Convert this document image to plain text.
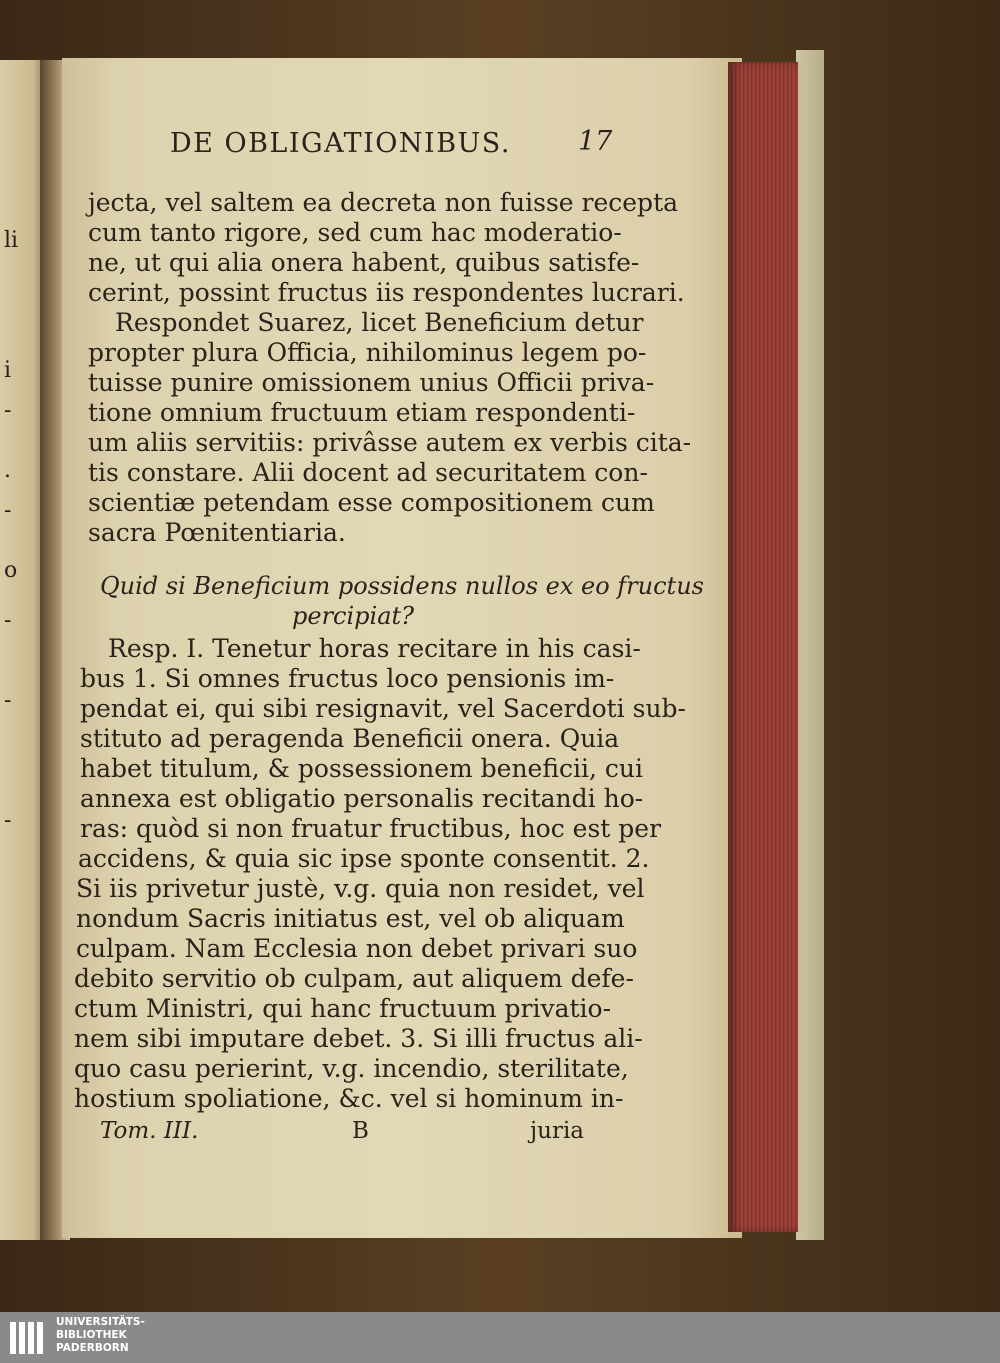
li
i
-
.
-
o
-
-
-
DE OBLIGATIONIBUS. 17
jecta, vel saltem ea decreta non fuisse recepta
cum tanto rigore, sed cum hac moderatio-
ne, ut qui alia onera habent, quibus satisfe-
cerint, possint fructus iis respondentes lucrari.
Respondet Suarez, licet Beneficium detur
propter plura Officia, nihilominus legem po-
tuisse punire omissionem unius Officii priva-
tione omnium fructuum etiam respondenti-
um aliis servitiis: privâsse autem ex verbis cita-
tis constare. Alii docent ad securitatem con-
scientiæ petendam esse compositionem cum
sacra Pœnitentiaria.
Quid si Beneficium possidens nullos ex eo fructus
percipiat?
Resp. I. Tenetur horas recitare in his casi-
bus 1. Si omnes fructus loco pensionis im-
pendat ei, qui sibi resignavit, vel Sacerdoti sub-
stituto ad peragenda Beneficii onera. Quia
habet titulum, & possessionem beneficii, cui
annexa est obligatio personalis recitandi ho-
ras: quòd si non fruatur fructibus, hoc est per
accidens, & quia sic ipse sponte consentit. 2.
Si iis privetur justè, v.g. quia non residet, vel
nondum Sacris initiatus est, vel ob aliquam
culpam. Nam Ecclesia non debet privari suo
debito servitio ob culpam, aut aliquem defe-
ctum Ministri, qui hanc fructuum privatio-
nem sibi imputare debet. 3. Si illi fructus ali-
quo casu perierint, v.g. incendio, sterilitate,
hostium spoliatione, &c. vel si hominum in-
Tom. III.	B	juria
UNIVERSITÄTS-
BIBLIOTHEK
PADERBORN
